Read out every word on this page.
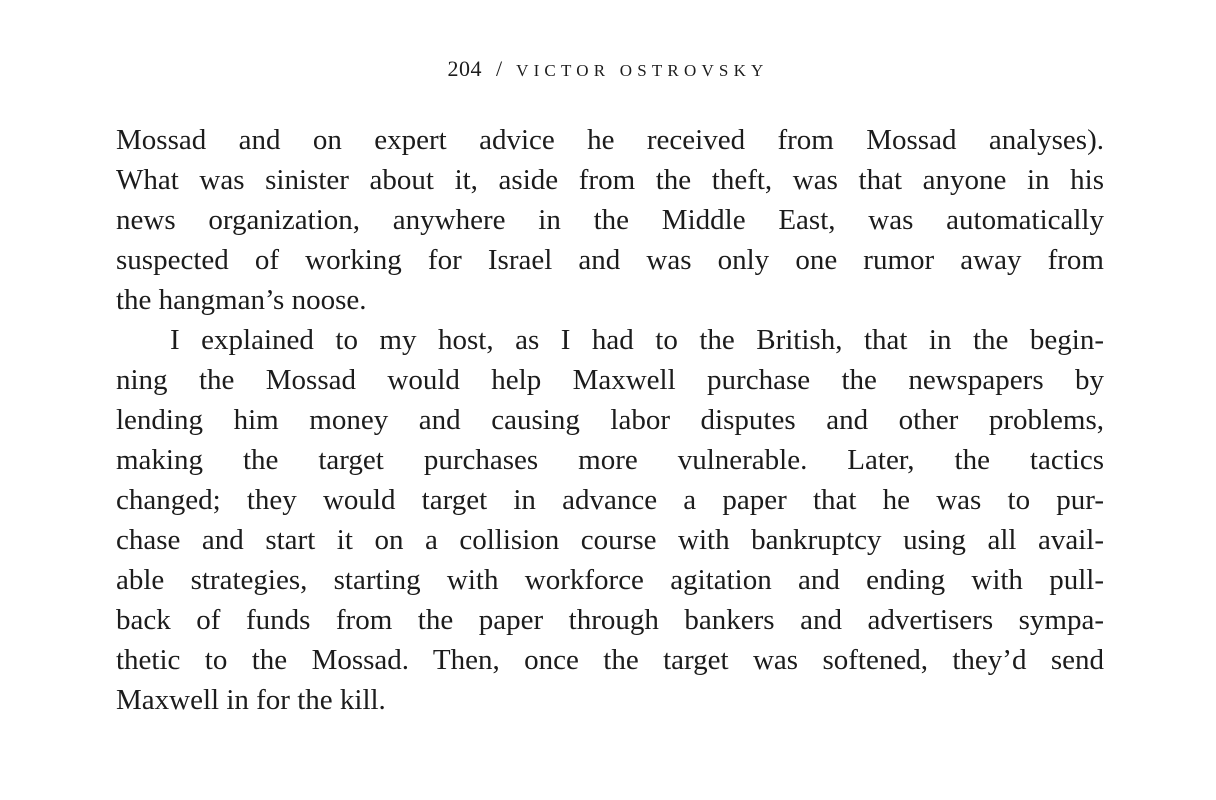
204 / VICTOR OSTROVSKY
Mossad and on expert advice he received from Mossad analyses).
What was sinister about it, aside from the theft, was that anyone in his
news organization, anywhere in the Middle East, was automatically
suspected of working for Israel and was only one rumor away from
the hangman’s noose.
I explained to my host, as I had to the British, that in the begin-
ning the Mossad would help Maxwell purchase the newspapers by
lending him money and causing labor disputes and other problems,
making the target purchases more vulnerable. Later, the tactics
changed; they would target in advance a paper that he was to pur-
chase and start it on a collision course with bankruptcy using all avail-
able strategies, starting with workforce agitation and ending with pull-
back of funds from the paper through bankers and advertisers sympa-
thetic to the Mossad. Then, once the target was softened, they’d send
Maxwell in for the kill.
